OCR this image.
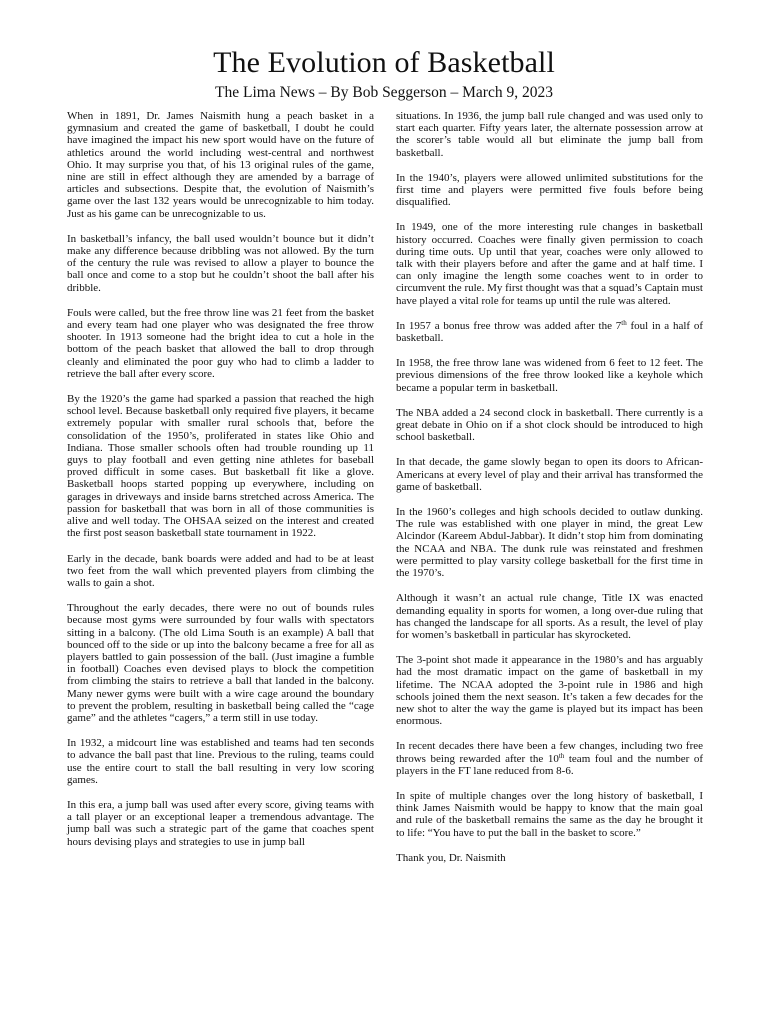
The Evolution of Basketball
The Lima News – By Bob Seggerson – March 9, 2023

When in 1891, Dr. James Naismith hung a peach basket in a gymnasium and created the game of basketball, I doubt he could have imagined the impact his new sport would have on the future of athletics around the world including west-central and northwest Ohio. It may surprise you that, of his 13 original rules of the game, nine are still in effect although they are amended by a barrage of articles and subsections. Despite that, the evolution of Naismith’s game over the last 132 years would be unrecognizable to him today. Just as his game can be unrecognizable to us.

In basketball’s infancy, the ball used wouldn’t bounce but it didn’t make any difference because dribbling was not allowed. By the turn of the century the rule was revised to allow a player to bounce the ball once and come to a stop but he couldn’t shoot the ball after his dribble.

Fouls were called, but the free throw line was 21 feet from the basket and every team had one player who was designated the free throw shooter. In 1913 someone had the bright idea to cut a hole in the bottom of the peach basket that allowed the ball to drop through cleanly and eliminated the poor guy who had to climb a ladder to retrieve the ball after every score.

By the 1920’s the game had sparked a passion that reached the high school level. Because basketball only required five players, it became extremely popular with smaller rural schools that, before the consolidation of the 1950’s, proliferated in states like Ohio and Indiana. Those smaller schools often had trouble rounding up 11 guys to play football and even getting nine athletes for baseball proved difficult in some cases. But basketball fit like a glove. Basketball hoops started popping up everywhere, including on garages in driveways and inside barns stretched across America. The passion for basketball that was born in all of those communities is alive and well today. The OHSAA seized on the interest and created the first post season basketball state tournament in 1922.

Early in the decade, bank boards were added and had to be at least two feet from the wall which prevented players from climbing the walls to gain a shot.

Throughout the early decades, there were no out of bounds rules because most gyms were surrounded by four walls with spectators sitting in a balcony. (The old Lima South is an example) A ball that bounced off to the side or up into the balcony became a free for all as players battled to gain possession of the ball. (Just imagine a fumble in football) Coaches even devised plays to block the competition from climbing the stairs to retrieve a ball that landed in the balcony. Many newer gyms were built with a wire cage around the boundary to prevent the problem, resulting in basketball being called the “cage game” and the athletes “cagers,” a term still in use today.

In 1932, a midcourt line was established and teams had ten seconds to advance the ball past that line. Previous to the ruling, teams could use the entire court to stall the ball resulting in very low scoring games.

In this era, a jump ball was used after every score, giving teams with a tall player or an exceptional leaper a tremendous advantage. The jump ball was such a strategic part of the game that coaches spent hours devising plays and strategies to use in jump ball

situations. In 1936, the jump ball rule changed and was used only to start each quarter. Fifty years later, the alternate possession arrow at the scorer’s table would all but eliminate the jump ball from basketball.

In the 1940’s, players were allowed unlimited substitutions for the first time and players were permitted five fouls before being disqualified.

In 1949, one of the more interesting rule changes in basketball history occurred. Coaches were finally given permission to coach during time outs. Up until that year, coaches were only allowed to talk with their players before and after the game and at half time. I can only imagine the length some coaches went to in order to circumvent the rule. My first thought was that a squad’s Captain must have played a vital role for teams up until the rule was altered.

In 1957 a bonus free throw was added after the 7th foul in a half of basketball.

In 1958, the free throw lane was widened from 6 feet to 12 feet. The previous dimensions of the free throw looked like a keyhole which became a popular term in basketball.

The NBA added a 24 second clock in basketball. There currently is a great debate in Ohio on if a shot clock should be introduced to high school basketball.

In that decade, the game slowly began to open its doors to African-Americans at every level of play and their arrival has transformed the game of basketball.

In the 1960’s colleges and high schools decided to outlaw dunking. The rule was established with one player in mind, the great Lew Alcindor (Kareem Abdul-Jabbar). It didn’t stop him from dominating the NCAA and NBA. The dunk rule was reinstated and freshmen were permitted to play varsity college basketball for the first time in the 1970’s.

Although it wasn’t an actual rule change, Title IX was enacted demanding equality in sports for women, a long over-due ruling that has changed the landscape for all sports. As a result, the level of play for women’s basketball in particular has skyrocketed.

The 3-point shot made it appearance in the 1980’s and has arguably had the most dramatic impact on the game of basketball in my lifetime. The NCAA adopted the 3-point rule in 1986 and high schools joined them the next season. It’s taken a few decades for the new shot to alter the way the game is played but its impact has been enormous.

In recent decades there have been a few changes, including two free throws being rewarded after the 10th team foul and the number of players in the FT lane reduced from 8-6.

In spite of multiple changes over the long history of basketball, I think James Naismith would be happy to know that the main goal and rule of the basketball remains the same as the day he brought it to life: “You have to put the ball in the basket to score.”

Thank you, Dr. Naismith
